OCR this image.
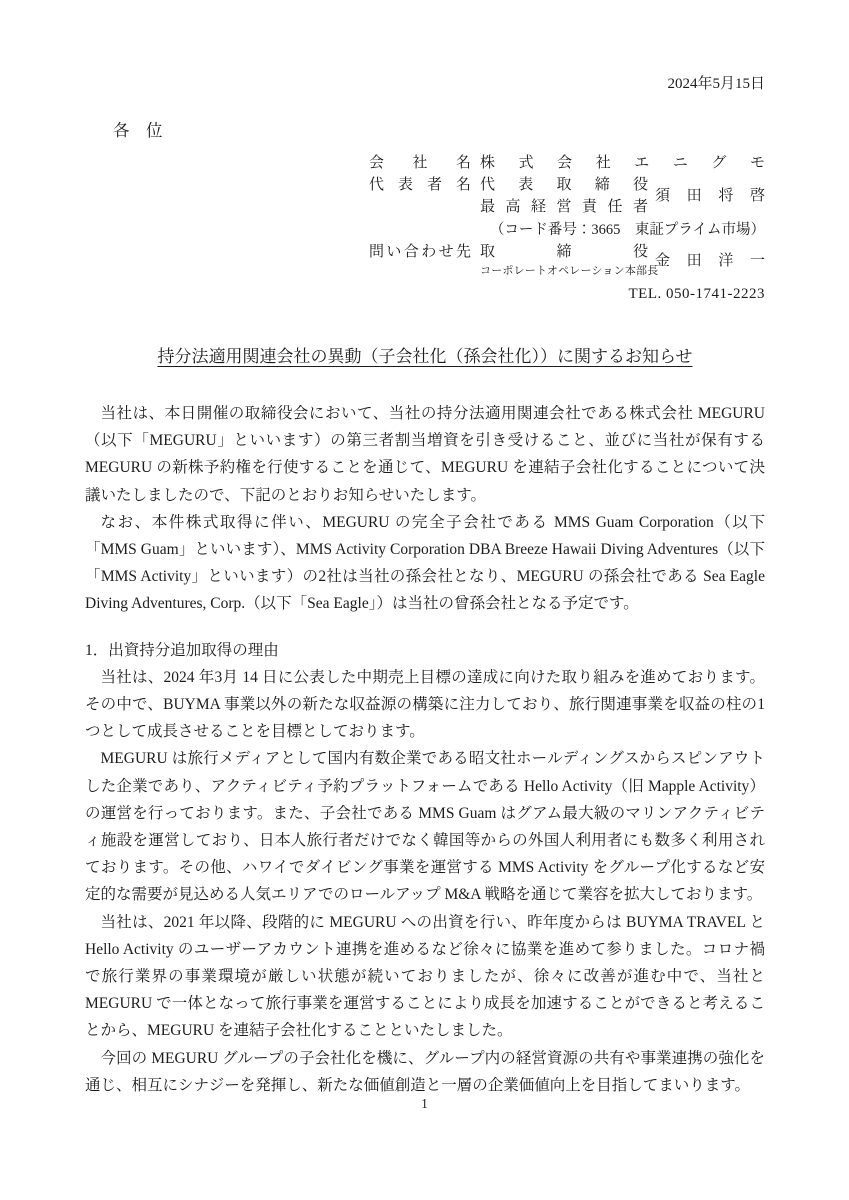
2024年5月15日
各　位
会社名 株式会社エニグモ
代表者名 代表取締役
最高経営責任者
須田将啓
（コード番号：3665　東証プライム市場）
問い合わせ先 取締役
コーポレートオペレーション本部長
金田洋一
TEL. 050-1741-2223
持分法適用関連会社の異動（子会社化（孫会社化））に関するお知らせ

当社は、本日開催の取締役会において、当社の持分法適用関連会社である株式会社 MEGURU（以下「MEGURU」といいます）の第三者割当増資を引き受けること、並びに当社が保有する MEGURU の新株予約権を行使することを通じて、MEGURU を連結子会社化することについて決議いたしましたので、下記のとおりお知らせいたします。

なお、本件株式取得に伴い、MEGURU の完全子会社である MMS Guam Corporation（以下「MMS Guam」といいます）、MMS Activity Corporation DBA Breeze Hawaii Diving Adventures（以下「MMS Activity」といいます）の2社は当社の孫会社となり、MEGURU の孫会社である Sea Eagle Diving Adventures, Corp.（以下「Sea Eagle」）は当社の曾孫会社となる予定です。

1．出資持分追加取得の理由

当社は、2024 年3月 14 日に公表した中期売上目標の達成に向けた取り組みを進めております。その中で、BUYMA 事業以外の新たな収益源の構築に注力しており、旅行関連事業を収益の柱の1つとして成長させることを目標としております。

MEGURU は旅行メディアとして国内有数企業である昭文社ホールディングスからスピンアウトした企業であり、アクティビティ予約プラットフォームである Hello Activity（旧 Mapple Activity）の運営を行っております。また、子会社である MMS Guam はグアム最大級のマリンアクティビティ施設を運営しており、日本人旅行者だけでなく韓国等からの外国人利用者にも数多く利用されております。その他、ハワイでダイビング事業を運営する MMS Activity をグループ化するなど安定的な需要が見込める人気エリアでのロールアップ M&A 戦略を通じて業容を拡大しております。

当社は、2021 年以降、段階的に MEGURU への出資を行い、昨年度からは BUYMA TRAVEL と Hello Activity のユーザーアカウント連携を進めるなど徐々に協業を進めて参りました。コロナ禍で旅行業界の事業環境が厳しい状態が続いておりましたが、徐々に改善が進む中で、当社と MEGURU で一体となって旅行事業を運営することにより成長を加速することができると考えることから、MEGURU を連結子会社化することといたしました。

今回の MEGURU グループの子会社化を機に、グループ内の経営資源の共有や事業連携の強化を通じ、相互にシナジーを発揮し、新たな価値創造と一層の企業価値向上を目指してまいります。

1
